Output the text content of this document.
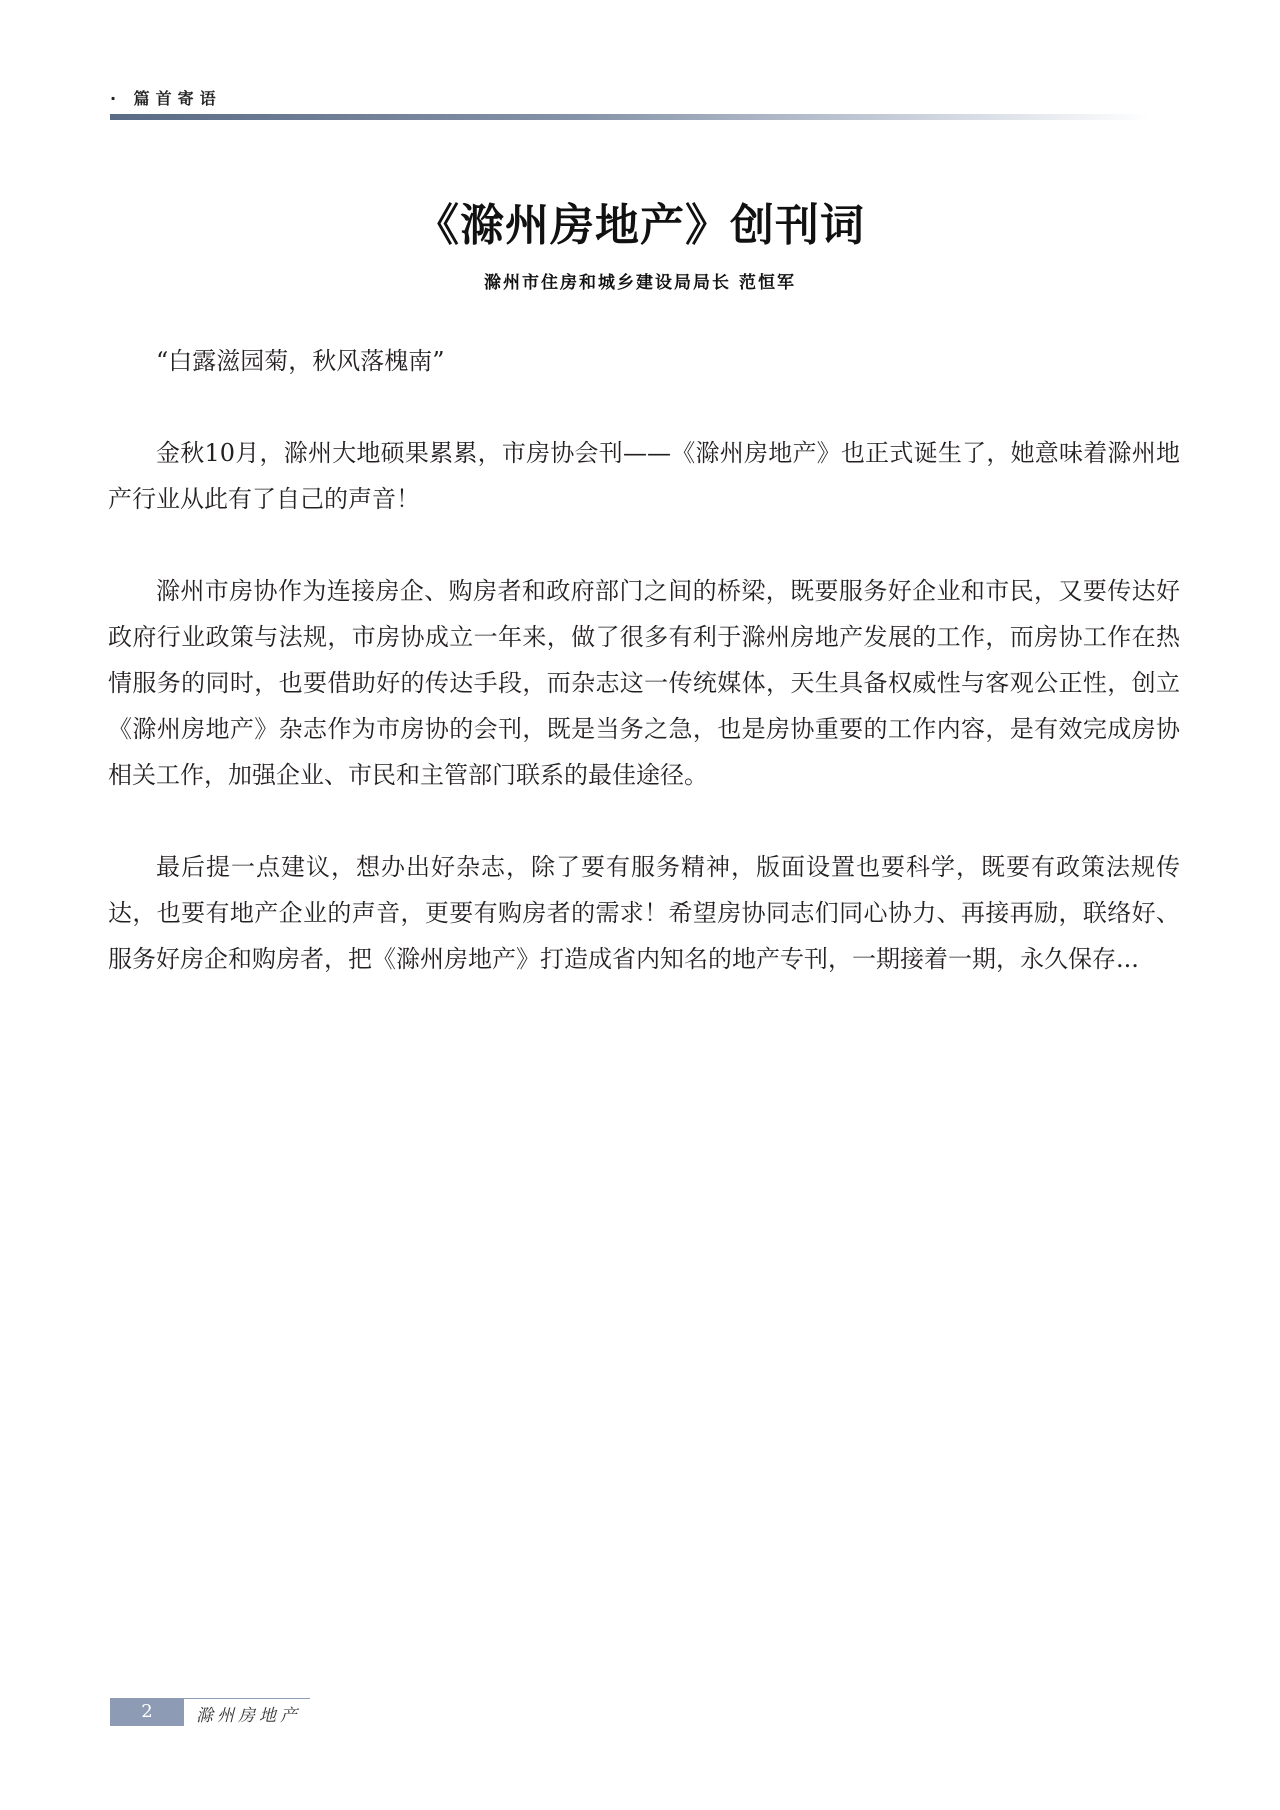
· 篇首寄语
《滁州房地产》创刊词
滁州市住房和城乡建设局局长 范恒军

“白露滋园菊，秋风落槐南”

金秋10月，滁州大地硕果累累，市房协会刊——《滁州房地产》也正式诞生了，她意味着滁州地产行业从此有了自己的声音！

滁州市房协作为连接房企、购房者和政府部门之间的桥梁，既要服务好企业和市民，又要传达好政府行业政策与法规，市房协成立一年来，做了很多有利于滁州房地产发展的工作，而房协工作在热情服务的同时，也要借助好的传达手段，而杂志这一传统媒体，天生具备权威性与客观公正性，创立《滁州房地产》杂志作为市房协的会刊，既是当务之急，也是房协重要的工作内容，是有效完成房协相关工作，加强企业、市民和主管部门联系的最佳途径。

最后提一点建议，想办出好杂志，除了要有服务精神，版面设置也要科学，既要有政策法规传达，也要有地产企业的声音，更要有购房者的需求！希望房协同志们同心协力、再接再励，联络好、服务好房企和购房者，把《滁州房地产》打造成省内知名的地产专刊，一期接着一期，永久保存...

2	滁州房地产
